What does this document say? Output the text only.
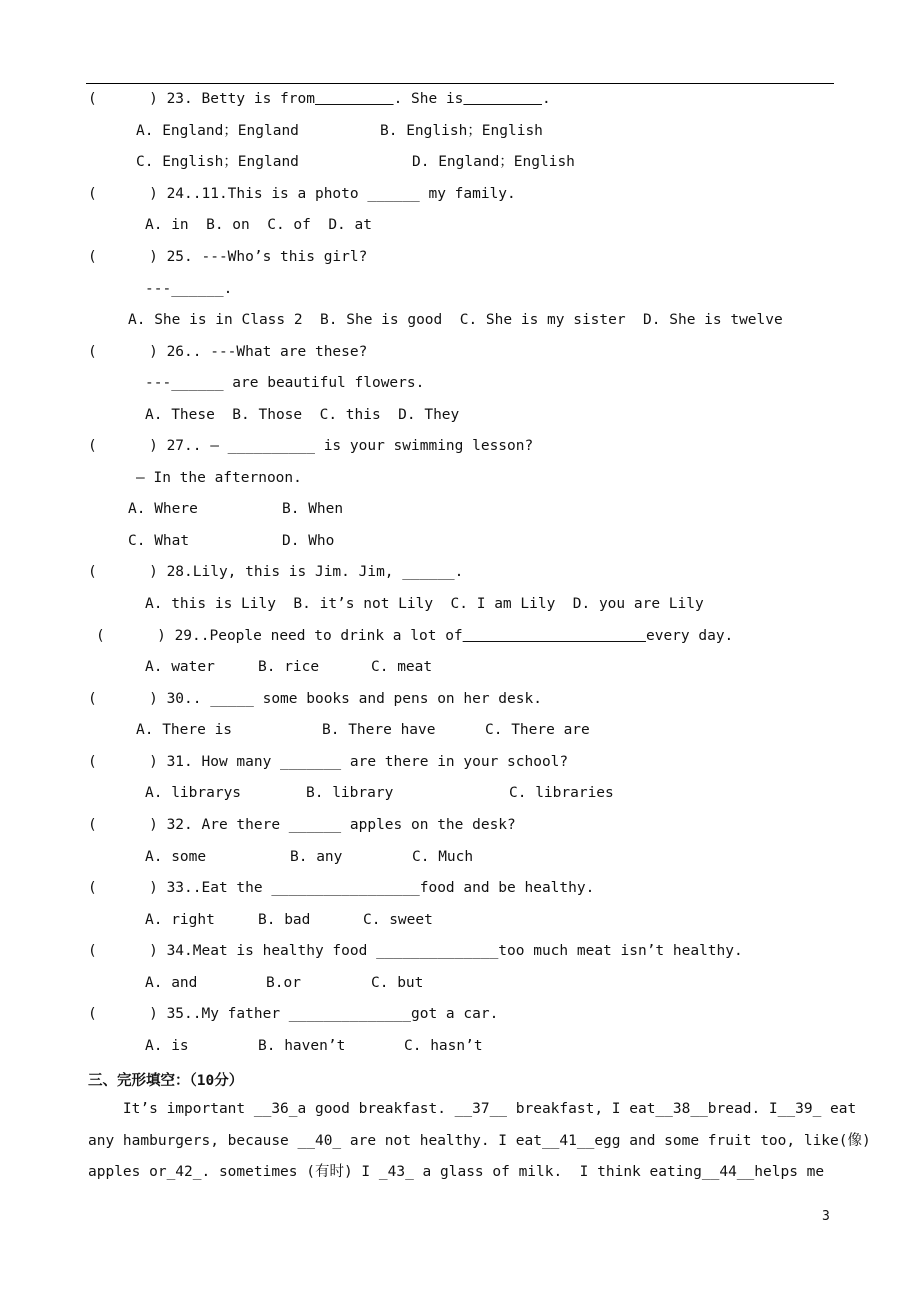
(      ) 23. Betty is from	. She is	.
A. England；England	B. English；English
C. English；England	D. England；English
(      ) 24..11.This is a photo ______ my family.
A. in  B. on  C. of  D. at
(      ) 25. ---Who’s this girl?
---______.
A. She is in Class 2  B. She is good  C. She is my sister  D. She is twelve
(      ) 26.. ---What are these?
---______ are beautiful flowers.
A. These  B. Those  C. this  D. They
(      ) 27.. — __________ is your swimming lesson?
— In the afternoon.
A. Where	B. When
C. What	D. Who
(      ) 28.Lily, this is Jim. Jim, ______.
A. this is Lily  B. it’s not Lily  C. I am Lily  D. you are Lily
(      ) 29..People need to drink a lot of	every day.
A. water	B. rice	C. meat
(      ) 30.. _____ some books and pens on her desk.
A. There is	B. There have	C. There are
(      ) 31. How many _______ are there in your school?
A. librarys	B. library	C. libraries
(      ) 32. Are there ______ apples on the desk?
A. some	B. any	C. Much
(      ) 33..Eat the _________________food and be healthy.
A. right	B. bad	C. sweet
(      ) 34.Meat is healthy food ______________too much meat isn’t healthy.
A. and	B.or	C. but
(      ) 35..My father ______________got a car.
A. is	B. haven’t	C. hasn’t
三、完形填空：（10分）
It’s important __36_a good breakfast. __37__ breakfast, I eat__38__bread. I__39_ eat
any hamburgers, because __40_ are not healthy. I eat__41__egg and some fruit too, like(像)
apples or_42_. sometimes (有时) I _43_ a glass of milk.  I think eating__44__helps me
3
